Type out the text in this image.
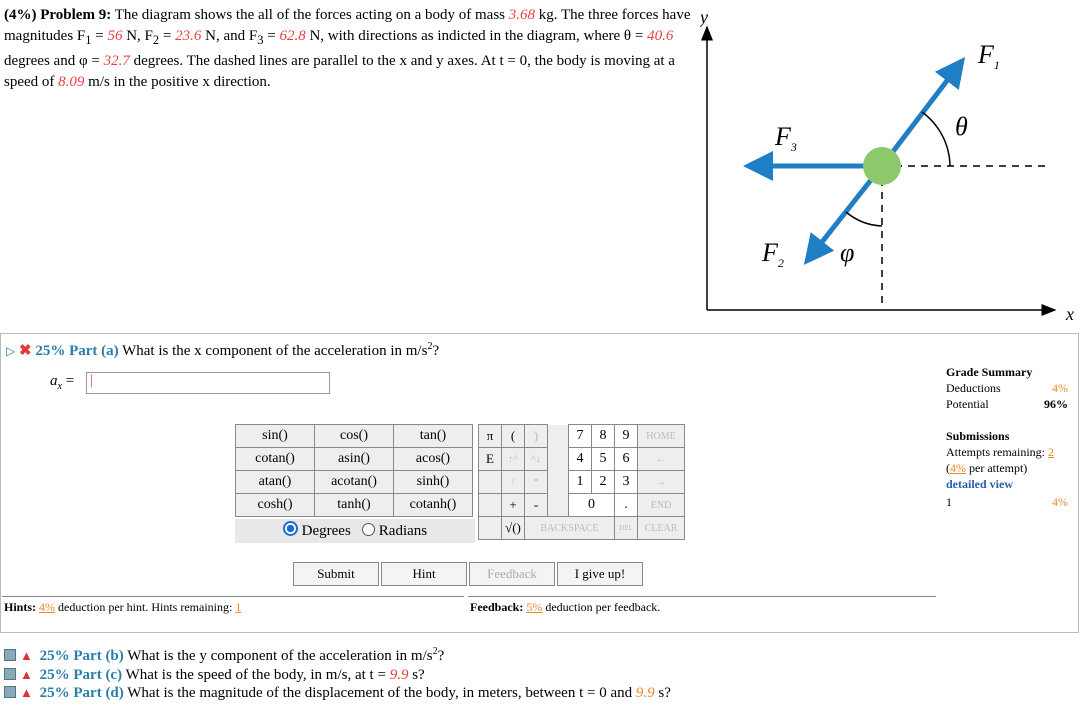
(4%) Problem 9: The diagram shows the all of the forces acting on a body of mass 3.68 kg. The three forces have magnitudes $F_1 = 56$ N, $F_2 = 23.6$ N, and $F_3 = 62.8$ N, with directions as indicted in the diagram, where θ = 40.6 degrees and φ = 32.7 degrees. The dashed lines are parallel to the x and y axes. At t = 0, the body is moving at a speed of 8.09 m/s in the positive x direction.
y
x
$F_1$
$F_3$
$F_2$
θ
φ
▷ ✖ 25% Part (a) What is the x component of the acceleration in $m/s^2$?
$a_x$ = |
sin()	cos()	tan()
cotan()	asin()	acos()
atan()	acotan()	sinh()
cosh()	tanh()	cotanh()
Degrees Radians
π	(	)		7	8	9	HOME
E	↑^	^↓		4	5	6	←
	/	*		1	2	3	→
	+	-		0		.	END
	√()	BACKSPACE				DEL	CLEAR
Submit	Hint	Feedback	I give up!
Hints: 4% deduction per hint. Hints remaining: 1	Feedback: 5% deduction per feedback.
Grade Summary
Deductions	4%
Potential	96%
Submissions
Attempts remaining: 2
(4% per attempt)
detailed view
1	4%
▲ 25% Part (b) What is the y component of the acceleration in $m/s^2$?
▲ 25% Part (c) What is the speed of the body, in m/s, at t = 9.9 s?
▲ 25% Part (d) What is the magnitude of the displacement of the body, in meters, between t = 0 and 9.9 s?
